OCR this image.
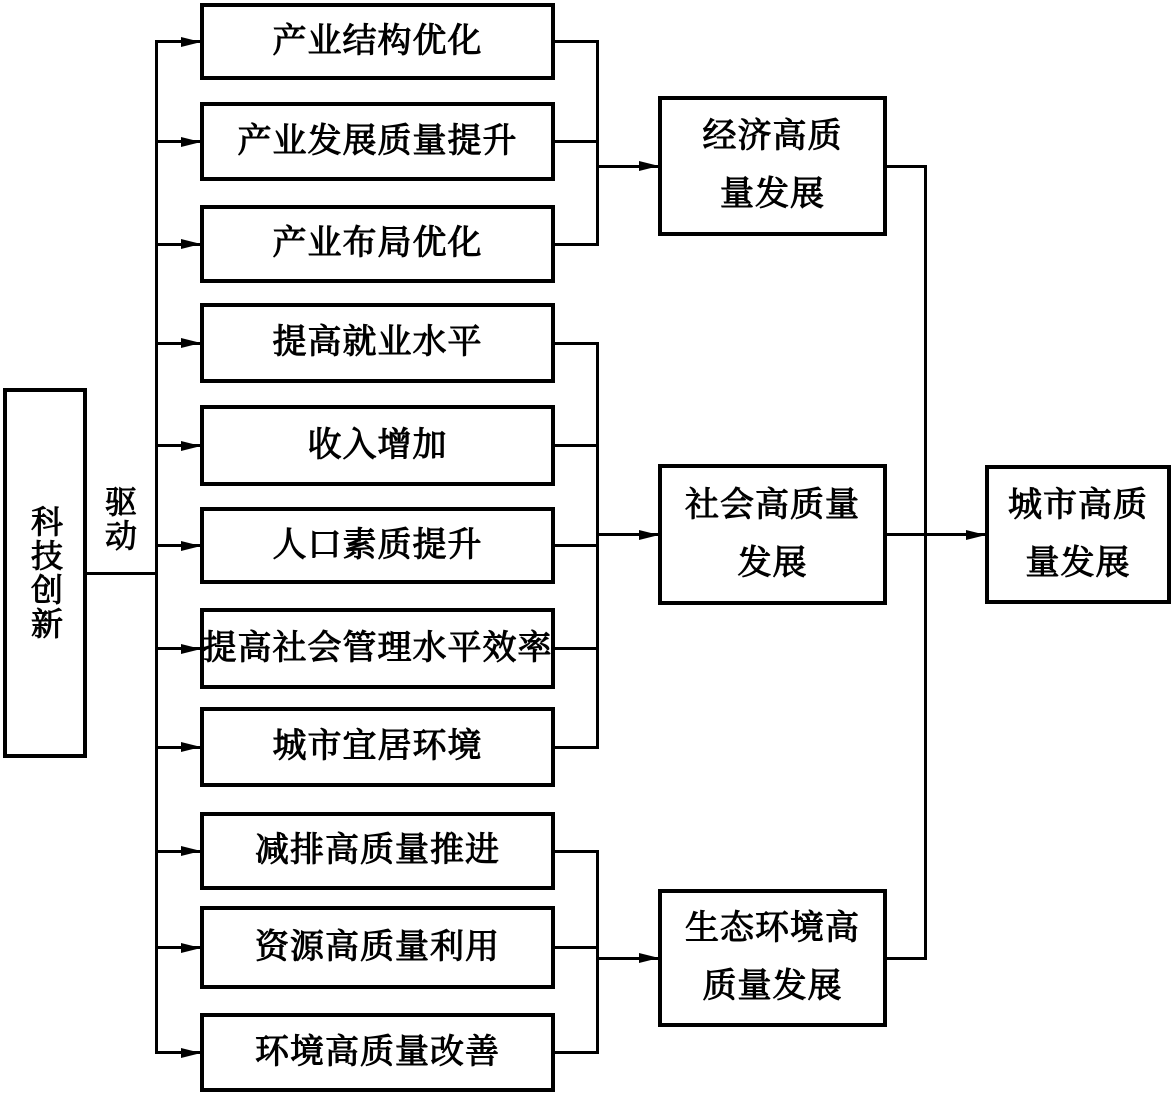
科技创新
产业结构优化
产业发展质量提升
产业布局优化
提高就业水平
收入增加
人口素质提升
提高社会管理水平效率
城市宜居环境
减排高质量推进
资源高质量利用
环境高质量改善
经济高质
量发展
社会高质量
发展
生态环境高
质量发展
城市高质
量发展
驱动
